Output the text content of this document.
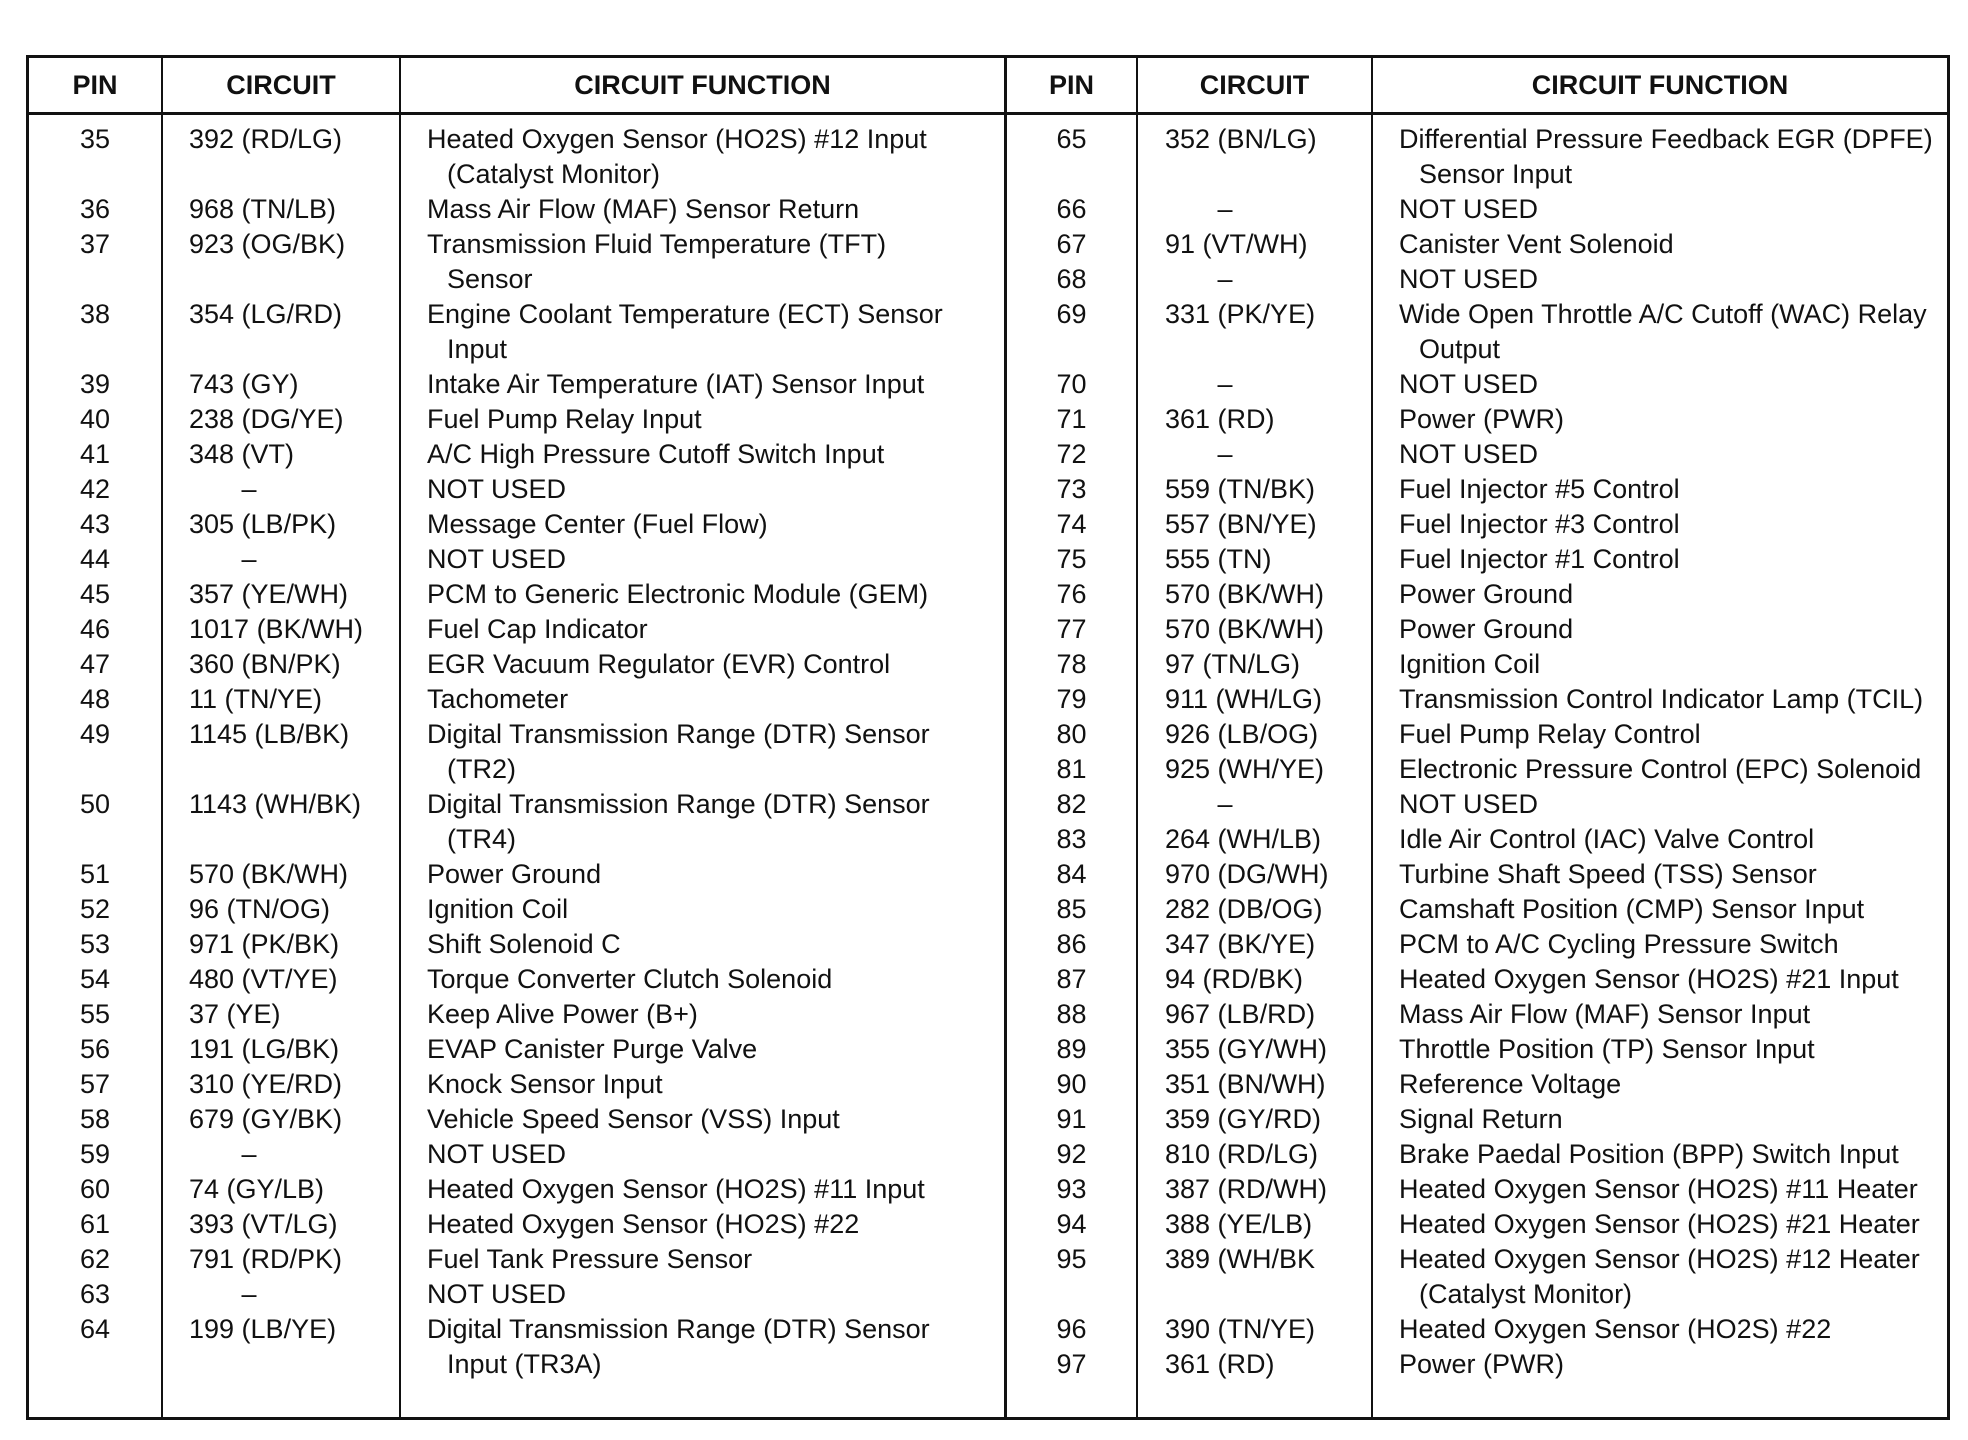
PIN	CIRCUIT	CIRCUIT FUNCTION
35	392 (RD/LG)	Heated Oxygen Sensor (HO2S) #12 Input
(Catalyst Monitor)
36	968 (TN/LB)	Mass Air Flow (MAF) Sensor Return
37	923 (OG/BK)	Transmission Fluid Temperature (TFT)
Sensor
38	354 (LG/RD)	Engine Coolant Temperature (ECT) Sensor
Input
39	743 (GY)	Intake Air Temperature (IAT) Sensor Input
40	238 (DG/YE)	Fuel Pump Relay Input
41	348 (VT)	A/C High Pressure Cutoff Switch Input
42	–	NOT USED
43	305 (LB/PK)	Message Center (Fuel Flow)
44	–	NOT USED
45	357 (YE/WH)	PCM to Generic Electronic Module (GEM)
46	1017 (BK/WH) Fuel Cap Indicator
47	360 (BN/PK)	EGR Vacuum Regulator (EVR) Control
48	11 (TN/YE)	Tachometer
49	1145 (LB/BK)	Digital Transmission Range (DTR) Sensor
(TR2)
50	1143 (WH/BK) Digital Transmission Range (DTR) Sensor
(TR4)
51	570 (BK/WH)	Power Ground
52	96 (TN/OG)	Ignition Coil
53	971 (PK/BK)	Shift Solenoid C
54	480 (VT/YE)	Torque Converter Clutch Solenoid
55	37 (YE)	Keep Alive Power (B+)
56	191 (LG/BK)	EVAP Canister Purge Valve
57	310 (YE/RD)	Knock Sensor Input
58	679 (GY/BK)	Vehicle Speed Sensor (VSS) Input
59	–	NOT USED
60	74 (GY/LB)	Heated Oxygen Sensor (HO2S) #11 Input
61	393 (VT/LG)	Heated Oxygen Sensor (HO2S) #22
62	791 (RD/PK)	Fuel Tank Pressure Sensor
63	–	NOT USED
64	199 (LB/YE)	Digital Transmission Range (DTR) Sensor
Input (TR3A)
PIN	CIRCUIT	CIRCUIT FUNCTION
65	352 (BN/LG)	Differential Pressure Feedback EGR (DPFE)
Sensor Input
66	–	NOT USED
67	91 (VT/WH)	Canister Vent Solenoid
68	–	NOT USED
69	331 (PK/YE)	Wide Open Throttle A/C Cutoff (WAC) Relay
Output
70	–	NOT USED
71	361 (RD)	Power (PWR)
72	–	NOT USED
73	559 (TN/BK)	Fuel Injector #5 Control
74	557 (BN/YE)	Fuel Injector #3 Control
75	555 (TN)	Fuel Injector #1 Control
76	570 (BK/WH)	Power Ground
77	570 (BK/WH)	Power Ground
78	97 (TN/LG)	Ignition Coil
79	911 (WH/LG)	Transmission Control Indicator Lamp (TCIL)
80	926 (LB/OG)	Fuel Pump Relay Control
81	925 (WH/YE)	Electronic Pressure Control (EPC) Solenoid
82	–	NOT USED
83	264 (WH/LB)	Idle Air Control (IAC) Valve Control
84	970 (DG/WH)	Turbine Shaft Speed (TSS) Sensor
85	282 (DB/OG)	Camshaft Position (CMP) Sensor Input
86	347 (BK/YE)	PCM to A/C Cycling Pressure Switch
87	94 (RD/BK)	Heated Oxygen Sensor (HO2S) #21 Input
88	967 (LB/RD)	Mass Air Flow (MAF) Sensor Input
89	355 (GY/WH)	Throttle Position (TP) Sensor Input
90	351 (BN/WH)	Reference Voltage
91	359 (GY/RD)	Signal Return
92	810 (RD/LG)	Brake Paedal Position (BPP) Switch Input
93	387 (RD/WH)	Heated Oxygen Sensor (HO2S) #11 Heater
94	388 (YE/LB)	Heated Oxygen Sensor (HO2S) #21 Heater
95	389 (WH/BK	Heated Oxygen Sensor (HO2S) #12 Heater
(Catalyst Monitor)
96	390 (TN/YE)	Heated Oxygen Sensor (HO2S) #22
97	361 (RD)	Power (PWR)
